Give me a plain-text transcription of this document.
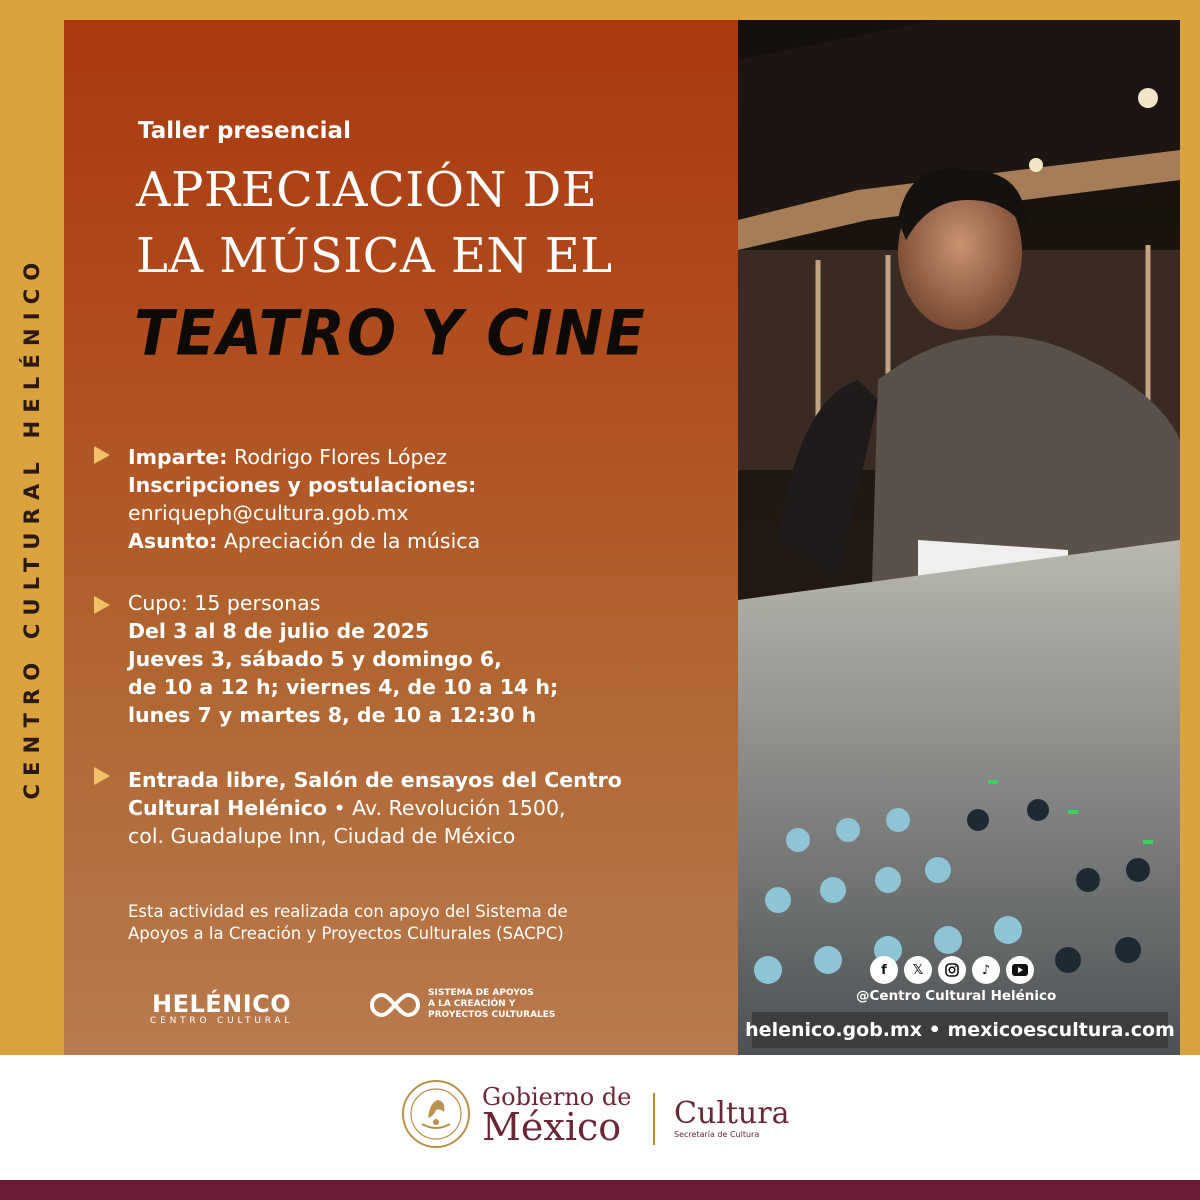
CENTRO CULTURAL HELÉNICO
Taller presencial
APRECIACIÓN DE
LA MÚSICA EN EL
TEATRO Y CINE
Imparte: Rodrigo Flores López
Inscripciones y postulaciones:
enriqueph@cultura.gob.mx
Asunto: Apreciación de la música
Cupo: 15 personas
Del 3 al 8 de julio de 2025
Jueves 3, sábado 5 y domingo 6,
de 10 a 12 h; viernes 4, de 10 a 14 h;
lunes 7 y martes 8, de 10 a 12:30 h
Entrada libre, Salón de ensayos del Centro
Cultural Helénico • Av. Revolución 1500,
col. Guadalupe Inn, Ciudad de México
Esta actividad es realizada con apoyo del Sistema de
Apoyos a la Creación y Proyectos Culturales (SACPC)
HELÉNICO
CENTRO CULTURAL
SISTEMA DE APOYOS
A LA CREACIÓN Y
PROYECTOS CULTURALES
f	𝕏	♪
@Centro Cultural Helénico
helenico.gob.mx • mexicoescultura.com
Gobierno de
México	Cultura
Secretaría de Cultura
